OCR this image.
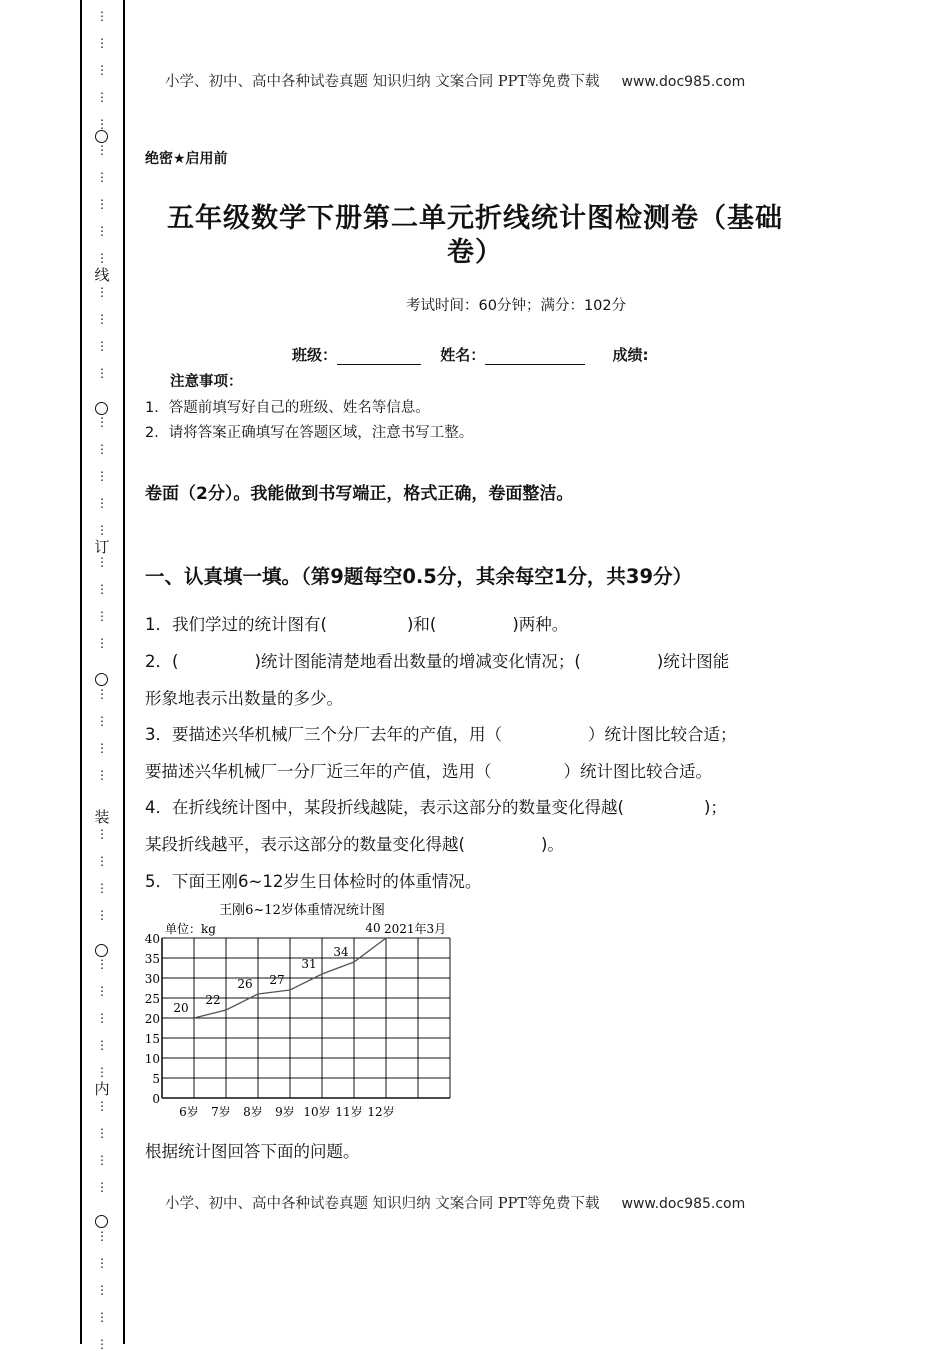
⋮
⋮
⋮
⋮
⋮
⋮
⋮
⋮
⋮
⋮
⋮
⋮
⋮
⋮
⋮
⋮
⋮
⋮
⋮
⋮
⋮
⋮
⋮
⋮
⋮
⋮
⋮
⋮
⋮
⋮
⋮
⋮
⋮
⋮
⋮
⋮
⋮
⋮
⋮
⋮
⋮
⋮
⋮
⋮
⋮
线
订
装
内
小学、初中、高中各种试卷真题 知识归纳 文案合同 PPT等免费下载 www.doc985.com
绝密★启用前
五年级数学下册第二单元折线统计图检测卷（基础
卷）
考试时间：60分钟；满分：102分
班级：	姓名：	成绩:
注意事项：
1．答题前填写好自己的班级、姓名等信息。
2．请将答案正确填写在答题区域，注意书写工整。
卷面（2分）。我能做到书写端正，格式正确，卷面整洁。
一、认真填一填。（第9题每空0.5分，其余每空1分，共39分）
1．我们学过的统计图有(	)和(	)两种。
2．(	)统计图能清楚地看出数量的增减变化情况；(	)统计图能
形象地表示出数量的多少。
3．要描述兴华机械厂三个分厂去年的产值，用（	）统计图比较合适；
要描述兴华机械厂一分厂近三年的产值，选用（	）统计图比较合适。
4．在折线统计图中，某段折线越陡，表示这部分的数量变化得越(	)；
某段折线越平，表示这部分的数量变化得越(	)。
5．下面王刚6~12岁生日体检时的体重情况。
王刚6~12岁体重情况统计图
单位：kg	2021年3月
0
5
10
15
20
25
30
35
40
6岁 7岁 8岁 9岁 10岁 11岁 12岁
20
22
26 27
31
34
40
根据统计图回答下面的问题。
小学、初中、高中各种试卷真题 知识归纳 文案合同 PPT等免费下载 www.doc985.com
